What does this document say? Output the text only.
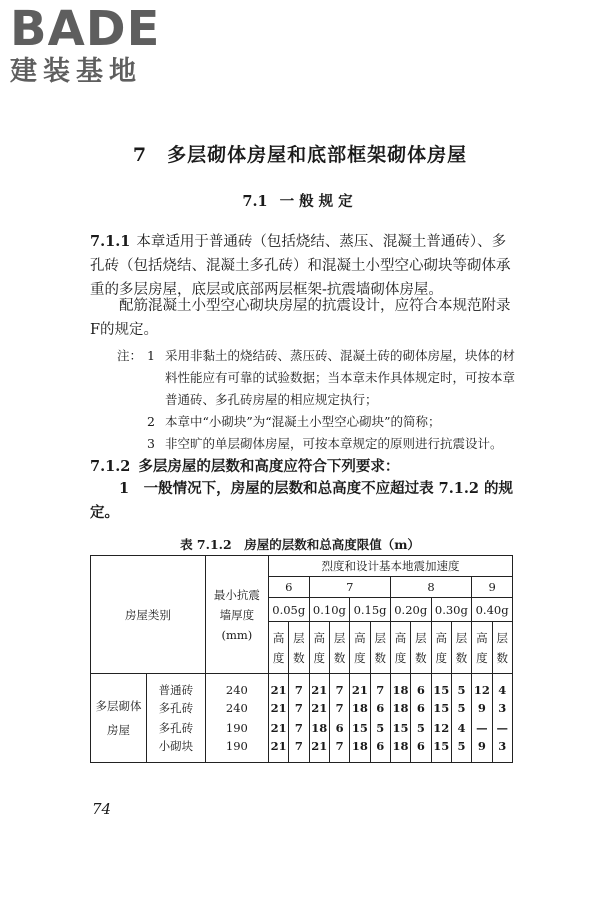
BADE
建装基地
7　多层砌体房屋和底部框架砌体房屋
7.1 一般规定
7.1.1 本章适用于普通砖（包括烧结、蒸压、混凝土普通砖）、多孔砖（包括烧结、混凝土多孔砖）和混凝土小型空心砌块等砌体承重的多层房屋，底层或底部两层框架-抗震墙砌体房屋。
配筋混凝土小型空心砌块房屋的抗震设计，应符合本规范附录F的规定。
注： 1 采用非黏土的烧结砖、蒸压砖、混凝土砖的砌体房屋，块体的材料性能应有可靠的试验数据；当本章未作具体规定时，可按本章普通砖、多孔砖房屋的相应规定执行；
2 本章中“小砌块”为“混凝土小型空心砌块”的简称；
3 非空旷的单层砌体房屋，可按本章规定的原则进行抗震设计。
7.1.2 多层房屋的层数和高度应符合下列要求：
1　一般情况下，房屋的层数和总高度不应超过表 7.1.2 的规定。
表 7.1.2　房屋的层数和总高度限值（m）
房屋类别		最小抗震墙厚度(mm)	烈度和设计基本地震加速度											
			6		7				8				9	
			0.05g		0.10g		0.15g		0.20g		0.30g		0.40g	
			高度	层数	高度	层数	高度	层数	高度	层数	高度	层数	高度	层数
多层砌体房屋	普通砖	240	21	7	21	7	21	7	18	6	15	5	12	4
	多孔砖	240	21	7	21	7	18	6	18	6	15	5	9	3
	多孔砖	190	21	7	18	6	15	5	15	5	12	4	—	—
	小砌块	190	21	7	21	7	18	6	18	6	15	5	9	3
74
